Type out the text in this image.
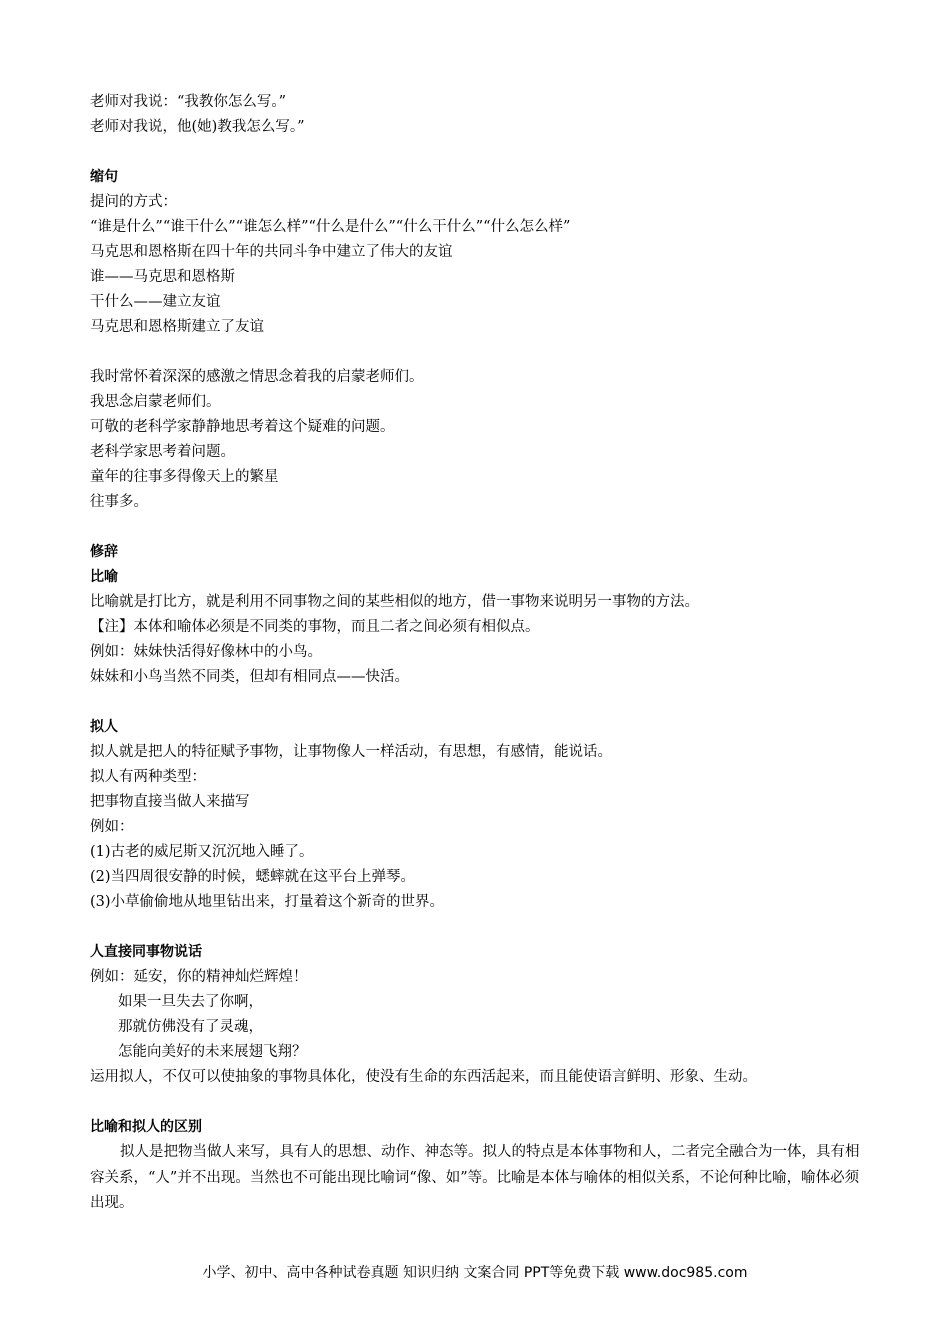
老师对我说：“我教你怎么写。”
老师对我说，他(她)教我怎么写。”
缩句
提问的方式：
“谁是什么”“谁干什么”“谁怎么样”“什么是什么”“什么干什么”“什么怎么样”
马克思和恩格斯在四十年的共同斗争中建立了伟大的友谊
谁——马克思和恩格斯
干什么——建立友谊
马克思和恩格斯建立了友谊
我时常怀着深深的感激之情思念着我的启蒙老师们。
我思念启蒙老师们。
可敬的老科学家静静地思考着这个疑难的问题。
老科学家思考着问题。
童年的往事多得像天上的繁星
往事多。
修辞
比喻
比喻就是打比方，就是利用不同事物之间的某些相似的地方，借一事物来说明另一事物的方法。
【注】本体和喻体必须是不同类的事物，而且二者之间必须有相似点。
例如：妹妹快活得好像林中的小鸟。
妹妹和小鸟当然不同类，但却有相同点——快活。
拟人
拟人就是把人的特征赋予事物，让事物像人一样活动，有思想，有感情，能说话。
拟人有两种类型：
把事物直接当做人来描写
例如：
(1)古老的威尼斯又沉沉地入睡了。
(2)当四周很安静的时候，蟋蟀就在这平台上弹琴。
(3)小草偷偷地从地里钻出来，打量着这个新奇的世界。
人直接同事物说话
例如：延安，你的精神灿烂辉煌！
如果一旦失去了你啊，
那就仿佛没有了灵魂，
怎能向美好的未来展翅飞翔？
运用拟人，不仅可以使抽象的事物具体化，使没有生命的东西活起来，而且能使语言鲜明、形象、生动。
比喻和拟人的区别
拟人是把物当做人来写，具有人的思想、动作、神态等。拟人的特点是本体事物和人，二者完全融合为一体，具有相容关系，“人”并不出现。当然也不可能出现比喻词“像、如”等。比喻是本体与喻体的相似关系，不论何种比喻，喻体必须出现。
小学、初中、高中各种试卷真题 知识归纳 文案合同 PPT等免费下载 www.doc985.com
